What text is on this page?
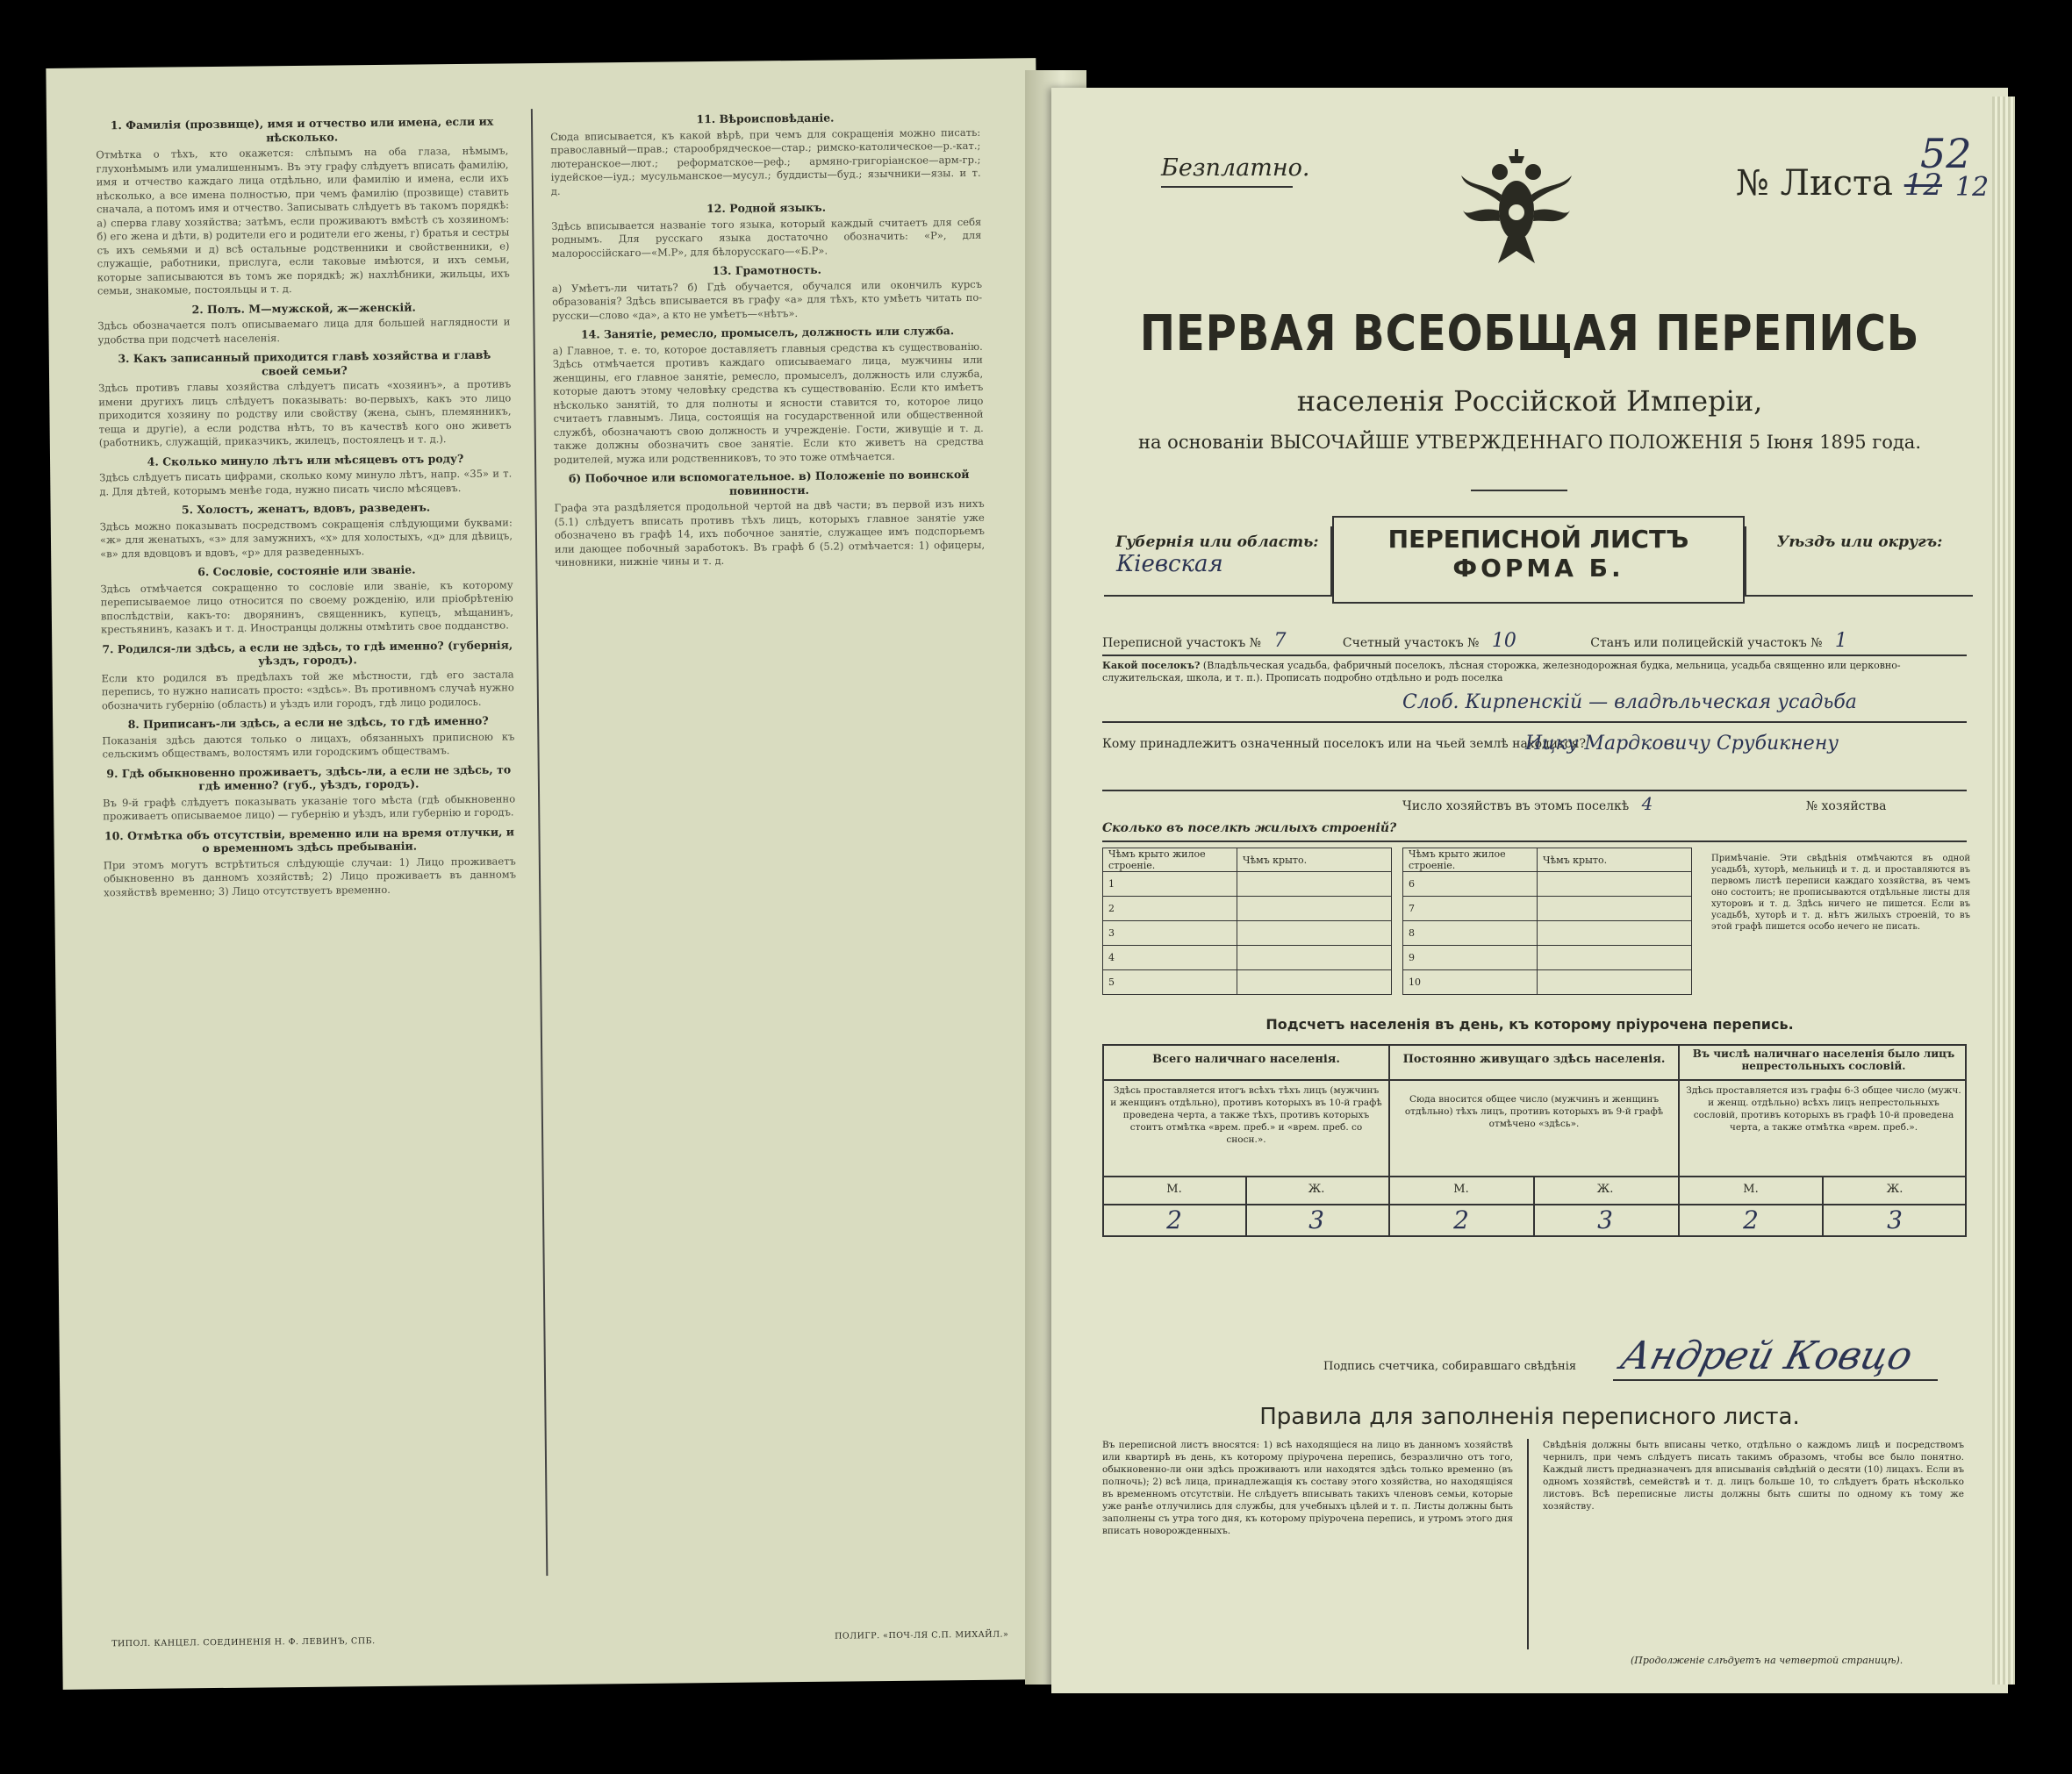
1. Фамилія (прозвище), имя и отчество или имена, если их нѣсколько.
Отмѣтка о тѣхъ, кто окажется: слѣпымъ на оба глаза, нѣмымъ, глухонѣмымъ или умалишеннымъ. Въ эту графу слѣдуетъ вписать фамилію, имя и отчество каждаго лица отдѣльно, или фамилію и имена, если ихъ нѣсколько, а все имена полностью, при чемъ фамилію (прозвище) ставить сначала, а потомъ имя и отчество. Записывать слѣдуетъ въ такомъ порядкѣ: а) сперва главу хозяйства; затѣмъ, если проживаютъ вмѣстѣ съ хозяиномъ: б) его жена и дѣти, в) родители его и родители его жены, г) братья и сестры съ ихъ семьями и д) всѣ остальные родственники и свойственники, е) служащіе, работники, прислуга, если таковые имѣются, и ихъ семьи, которые записываются въ томъ же порядкѣ; ж) нахлѣбники, жильцы, ихъ семьи, знакомые, постояльцы и т. д.
2. Полъ. М—мужской, ж—женскій.
Здѣсь обозначается полъ описываемаго лица для большей наглядности и удобства при подсчетѣ населенія.
3. Какъ записанный приходится главѣ хозяйства и главѣ своей семьи?
Здѣсь противъ главы хозяйства слѣдуетъ писать «хозяинъ», а противъ имени другихъ лицъ слѣдуетъ показывать: во-первыхъ, какъ это лицо приходится хозяину по родству или свойству (жена, сынъ, племянникъ, теща и другіе), а если родства нѣтъ, то въ качествѣ кого оно живетъ (работникъ, служащій, приказчикъ, жилецъ, постоялецъ и т. д.).
4. Сколько минуло лѣтъ или мѣсяцевъ отъ роду?
Здѣсь слѣдуетъ писать цифрами, сколько кому минуло лѣтъ, напр. «35» и т. д. Для дѣтей, которымъ менѣе года, нужно писать число мѣсяцевъ.
5. Холостъ, женатъ, вдовъ, разведенъ.
Здѣсь можно показывать посредствомъ сокращенія слѣдующими буквами: «ж» для женатыхъ, «з» для замужнихъ, «х» для холостыхъ, «д» для дѣвицъ, «в» для вдовцовъ и вдовъ, «р» для разведенныхъ.
6. Сословіе, состояніе или званіе.
Здѣсь отмѣчается сокращенно то сословіе или званіе, къ которому переписываемое лицо относится по своему рожденію, или пріобрѣтенію впослѣдствіи, какъ-то: дворянинъ, священникъ, купецъ, мѣщанинъ, крестьянинъ, казакъ и т. д. Иностранцы должны отмѣтить свое подданство.
7. Родился-ли здѣсь, а если не здѣсь, то гдѣ именно? (губернія, уѣздъ, городъ).
Если кто родился въ предѣлахъ той же мѣстности, гдѣ его застала перепись, то нужно написать просто: «здѣсь». Въ противномъ случаѣ нужно обозначить губернію (область) и уѣздъ или городъ, гдѣ лицо родилось.
8. Приписанъ-ли здѣсь, а если не здѣсь, то гдѣ именно?
Показанія здѣсь даются только о лицахъ, обязанныхъ приписною къ сельскимъ обществамъ, волостямъ или городскимъ обществамъ.
9. Гдѣ обыкновенно проживаетъ, здѣсь-ли, а если не здѣсь, то гдѣ именно? (губ., уѣздъ, городъ).
Въ 9-й графѣ слѣдуетъ показывать указаніе того мѣста (гдѣ обыкновенно проживаетъ описываемое лицо) — губернію и уѣздъ, или губернію и городъ.
10. Отмѣтка объ отсутствіи, временно или на время отлучки, и о временномъ здѣсь пребываніи.
При этомъ могутъ встрѣтиться слѣдующіе случаи: 1) Лицо проживаетъ обыкновенно въ данномъ хозяйствѣ; 2) Лицо проживаетъ въ данномъ хозяйствѣ временно; 3) Лицо отсутствуетъ временно.
11. Вѣроисповѣданіе.
Сюда вписывается, къ какой вѣрѣ, при чемъ для сокращенія можно писать: православный—прав.; старообрядческое—стар.; римско-католическое—р.-кат.; лютеранское—лют.; реформатское—реф.; армяно-григоріанское—арм-гр.; іудейское—іуд.; мусульманское—мусул.; буддисты—буд.; язычники—язы. и т. д.
12. Родной языкъ.
Здѣсь вписывается названіе того языка, который каждый считаетъ для себя роднымъ. Для русскаго языка достаточно обозначить: «Р», для малороссійскаго—«М.Р», для бѣлорусскаго—«Б.Р».
13. Грамотность.
а) Умѣетъ-ли читать? б) Гдѣ обучается, обучался или окончилъ курсъ образованія? Здѣсь вписывается въ графу «а» для тѣхъ, кто умѣетъ читать по-русски—слово «да», а кто не умѣетъ—«нѣтъ».
14. Занятіе, ремесло, промыселъ, должность или служба.
а) Главное, т. е. то, которое доставляетъ главныя средства къ существованію. Здѣсь отмѣчается противъ каждаго описываемаго лица, мужчины или женщины, его главное занятіе, ремесло, промыселъ, должность или служба, которые даютъ этому человѣку средства къ существованію. Если кто имѣетъ нѣсколько занятій, то для полноты и ясности ставится то, которое лицо считаетъ главнымъ. Лица, состоящія на государственной или общественной службѣ, обозначаютъ свою должность и учрежденіе. Гости, живущіе и т. д. также должны обозначить свое занятіе. Если кто живетъ на средства родителей, мужа или родственниковъ, то это тоже отмѣчается.
б) Побочное или вспомогательное. в) Положеніе по воинской повинности.
Графа эта раздѣляется продольной чертой на двѣ части; въ первой изъ нихъ (5.1) слѣдуетъ вписать противъ тѣхъ лицъ, которыхъ главное занятіе уже обозначено въ графѣ 14, ихъ побочное занятіе, служащее имъ подспорьемъ или дающее побочный заработокъ. Въ графѣ б (5.2) отмѣчается: 1) офицеры, чиновники, нижніе чины и т. д.
ТИПОЛ. КАНЦЕЛ. СОЕДИНЕНІЯ Н. Ф. ЛЕВИНЪ, СПБ.
ПОЛИГР. «ПОЧ-ЛЯ С.П. МИХАЙЛ.»
Безплатно.	№ Листа 12
52
12
ПЕРВАЯ ВСЕОБЩАЯ ПЕРЕПИСЬ
населенія Россійской Имперіи,
на основаніи ВЫСОЧАЙШЕ УТВЕРЖДЕННАГО ПОЛОЖЕНІЯ 5 Іюня 1895 года.
Губернія или область:
Кіевская
ПЕРЕПИСНОЙ ЛИСТЪ
ФОРМА Б.
Уѣздъ или округъ:
Переписной участокъ № 7	Счетный участокъ № 10	Станъ или полицейскій участокъ № 1
Какой поселокъ? (Владѣльческая усадьба, фабричный поселокъ, лѣсная сторожка, железнодорожная будка, мельница, усадьба священно или церковно-служительская, школа, и т. п.). Прописать подробно отдѣльно и родъ поселка
Слоб. Кирпенскій — владѣльческая усадьба
Кому принадлежитъ означенный поселокъ или на чьей землѣ находится?
Ицку Мардковичу Срубикнену
Число хозяйствъ въ этомъ поселкѣ 4	№ хозяйства
Сколько въ поселкѣ жилыхъ строеній?
Чѣмъ крыто жилое строеніе.	Чѣмъ крыто.
1	
2	
3	
4	
5	
Чѣмъ крыто жилое строеніе.	Чѣмъ крыто.
6	
7	
8	
9	
10	
Примѣчаніе. Эти свѣдѣнія отмѣчаются въ одной усадьбѣ, хуторѣ, мельницѣ и т. д. и проставляются въ первомъ листѣ переписи каждаго хозяйства, въ чемъ оно состоитъ; не прописываются отдѣльные листы для хуторовъ и т. д. Здѣсь ничего не пишется. Если въ усадьбѣ, хуторѣ и т. д. нѣтъ жилыхъ строеній, то въ этой графѣ пишется особо нечего не писать.
Подсчетъ населенія въ день, къ которому пріурочена перепись.
Всего наличнаго населенія.	Постоянно живущаго здѣсь населенія.	Въ числѣ наличнаго населенія было лицъ непрестольныхъ сословій.
Здѣсь проставляется итогъ всѣхъ тѣхъ лицъ (мужчинъ и женщинъ отдѣльно), противъ которыхъ въ 10-й графѣ проведена черта, а также тѣхъ, противъ которыхъ стоитъ отмѣтка «врем. преб.» и «врем. преб. со сносн.».
Сюда вносится общее число (мужчинъ и женщинъ отдѣльно) тѣхъ лицъ, противъ которыхъ въ 9-й графѣ отмѣчено «здѣсь».
Здѣсь проставляется изъ графы 6-3 общее число (мужч. и женщ. отдѣльно) всѣхъ лицъ непрестольныхъ сословій, противъ которыхъ въ графѣ 10-й проведена черта, а также отмѣтка «врем. преб.».
М.	Ж.	М.	Ж.	М.	Ж.
2	3	2	3	2	3
Подпись счетчика, собиравшаго свѣдѣнія Андрей Ковцо
Правила для заполненія переписного листа.
Въ переписной листъ вносятся: 1) всѣ находящіеся на лицо въ данномъ хозяйствѣ или квартирѣ въ день, къ которому пріурочена перепись, безразлично отъ того, обыкновенно-ли они здѣсь проживаютъ или находятся здѣсь только временно (въ полночь); 2) всѣ лица, принадлежащія къ составу этого хозяйства, но находящіяся въ временномъ отсутствіи. Не слѣдуетъ вписывать такихъ членовъ семьи, которые уже ранѣе отлучились для службы, для учебныхъ цѣлей и т. п. Листы должны быть заполнены съ утра того дня, къ которому пріурочена перепись, и утромъ этого дня вписать новорожденныхъ.
Свѣдѣнія должны быть вписаны четко, отдѣльно о каждомъ лицѣ и посредствомъ чернилъ, при чемъ слѣдуетъ писать такимъ образомъ, чтобы все было понятно. Каждый листъ предназначенъ для вписыванія свѣдѣній о десяти (10) лицахъ. Если въ одномъ хозяйствѣ, семействѣ и т. д. лицъ больше 10, то слѣдуетъ брать нѣсколько листовъ. Всѣ переписные листы должны быть сшиты по одному къ тому же хозяйству.
(Продолженіе слѣдуетъ на четвертой страницѣ).
